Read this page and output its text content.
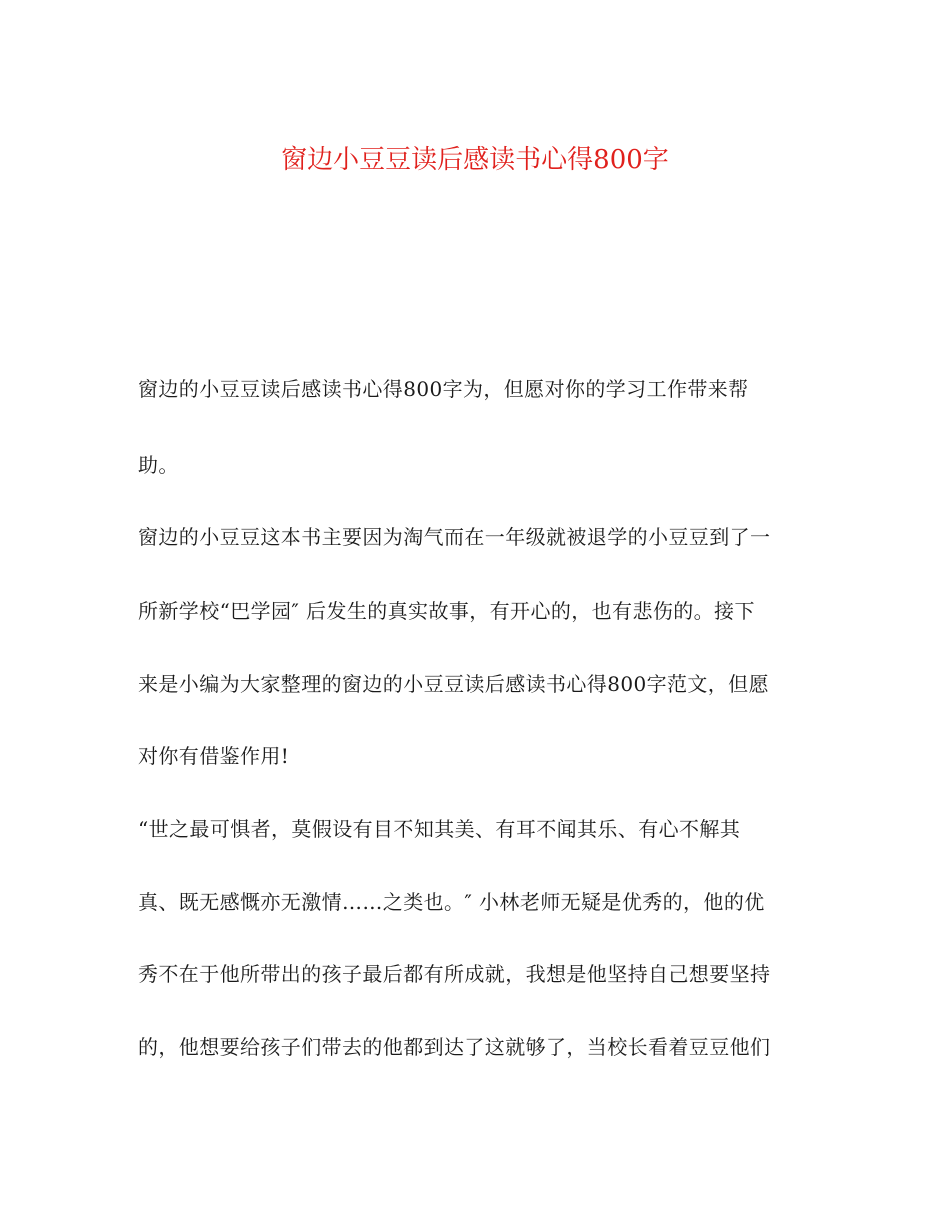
窗边小豆豆读后感读书心得800字
窗边的小豆豆读后感读书心得800字为，但愿对你的学习工作带来帮
助。
窗边的小豆豆这本书主要因为淘气而在一年级就被退学的小豆豆到了一
所新学校“巴学园″ 后发生的真实故事，有开心的，也有悲伤的。接下
来是小编为大家整理的窗边的小豆豆读后感读书心得800字范文，但愿
对你有借鉴作用!
“世之最可惧者，莫假设有目不知其美、有耳不闻其乐、有心不解其
真、既无感慨亦无激情……之类也。″ 小林老师无疑是优秀的，他的优
秀不在于他所带出的孩子最后都有所成就，我想是他坚持自己想要坚持
的，他想要给孩子们带去的他都到达了这就够了，当校长看着豆豆他们
